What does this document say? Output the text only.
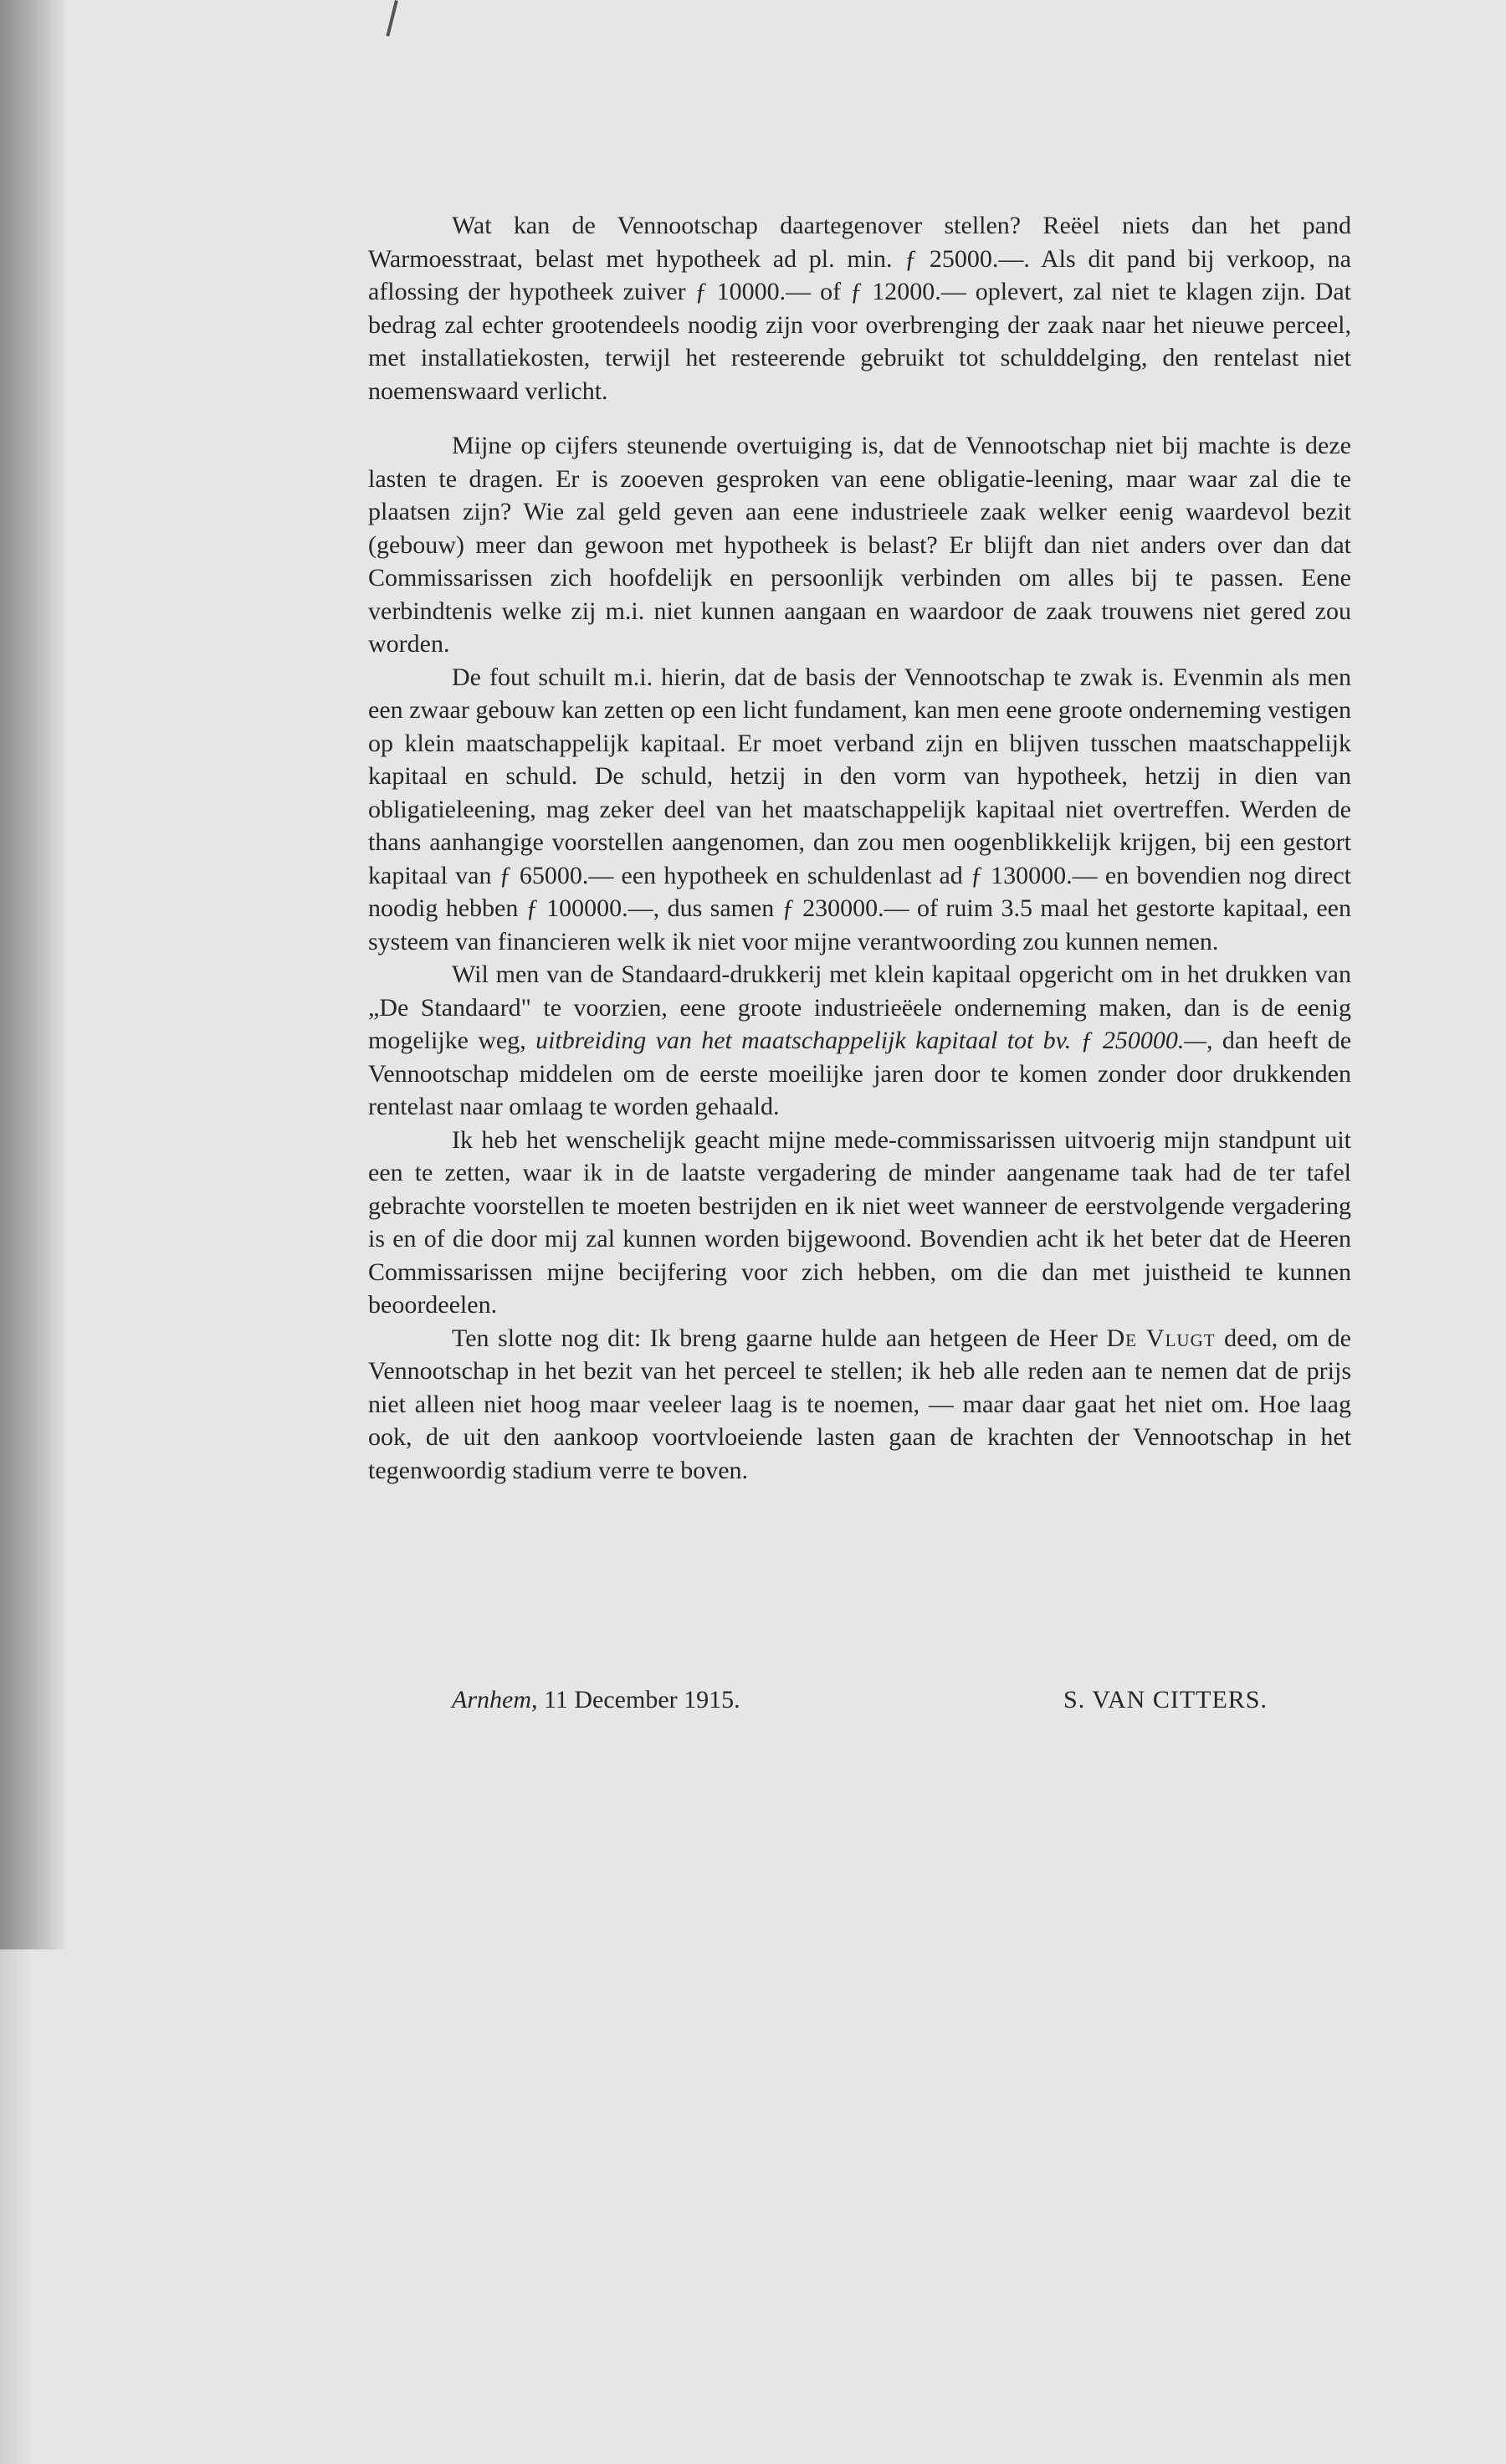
Wat kan de Vennootschap daartegenover stellen? Reëel niets dan het pand Warmoesstraat, belast met hypotheek ad pl. min. ƒ 25000.—. Als dit pand bij verkoop, na aflossing der hypotheek zuiver ƒ 10000.— of ƒ 12000.— oplevert, zal niet te klagen zijn. Dat bedrag zal echter grootendeels noodig zijn voor overbrenging der zaak naar het nieuwe perceel, met installatiekosten, terwijl het resteerende gebruikt tot schulddelging, den rentelast niet noemenswaard verlicht.

Mijne op cijfers steunende overtuiging is, dat de Vennootschap niet bij machte is deze lasten te dragen. Er is zooeven gesproken van eene obligatie-leening, maar waar zal die te plaatsen zijn? Wie zal geld geven aan eene industrieele zaak welker eenig waardevol bezit (gebouw) meer dan gewoon met hypotheek is belast? Er blijft dan niet anders over dan dat Commissarissen zich hoofdelijk en persoonlijk verbinden om alles bij te passen. Eene verbindtenis welke zij m.i. niet kunnen aangaan en waardoor de zaak trouwens niet gered zou worden.

De fout schuilt m.i. hierin, dat de basis der Vennootschap te zwak is. Evenmin als men een zwaar gebouw kan zetten op een licht fundament, kan men eene groote onderneming vestigen op klein maatschappelijk kapitaal. Er moet verband zijn en blijven tusschen maatschappelijk kapitaal en schuld. De schuld, hetzij in den vorm van hypotheek, hetzij in dien van obligatieleening, mag zeker deel van het maatschappelijk kapitaal niet overtreffen. Werden de thans aanhangige voorstellen aangenomen, dan zou men oogenblikkelijk krijgen, bij een gestort kapitaal van ƒ 65000.— een hypotheek en schuldenlast ad ƒ 130000.— en bovendien nog direct noodig hebben ƒ 100000.—, dus samen ƒ 230000.— of ruim 3.5 maal het gestorte kapitaal, een systeem van financieren welk ik niet voor mijne verantwoording zou kunnen nemen.

Wil men van de Standaard-drukkerij met klein kapitaal opgericht om in het drukken van „De Standaard" te voorzien, eene groote industrieëele onderneming maken, dan is de eenig mogelijke weg, uitbreiding van het maatschappelijk kapitaal tot bv. ƒ 250000.—, dan heeft de Vennootschap middelen om de eerste moeilijke jaren door te komen zonder door drukkenden rentelast naar omlaag te worden gehaald.

Ik heb het wenschelijk geacht mijne mede-commissarissen uitvoerig mijn standpunt uit een te zetten, waar ik in de laatste vergadering de minder aangename taak had de ter tafel gebrachte voorstellen te moeten bestrijden en ik niet weet wanneer de eerstvolgende vergadering is en of die door mij zal kunnen worden bijgewoond. Bovendien acht ik het beter dat de Heeren Commissarissen mijne becijfering voor zich hebben, om die dan met juistheid te kunnen beoordeelen.

Ten slotte nog dit: Ik breng gaarne hulde aan hetgeen de Heer De Vlugt deed, om de Vennootschap in het bezit van het perceel te stellen; ik heb alle reden aan te nemen dat de prijs niet alleen niet hoog maar veeleer laag is te noemen, — maar daar gaat het niet om. Hoe laag ook, de uit den aankoop voortvloeiende lasten gaan de krachten der Vennootschap in het tegenwoordig stadium verre te boven.

Arnhem, 11 December 1915.	S. VAN CITTERS.
